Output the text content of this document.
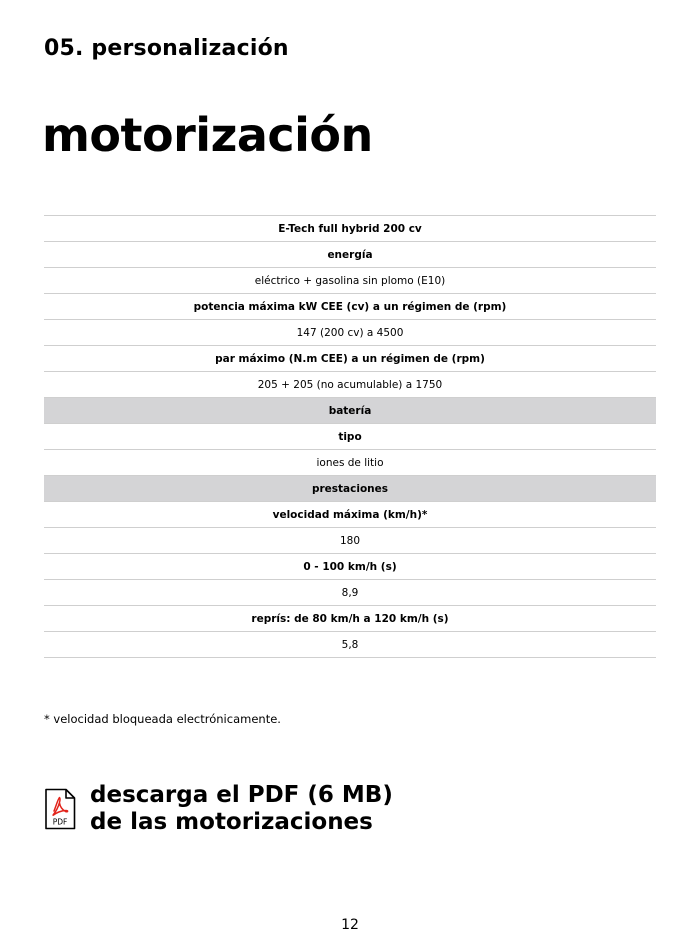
05. personalización
motorización
E-Tech full hybrid 200 cv
energía
eléctrico + gasolina sin plomo (E10)
potencia máxima kW CEE (cv) a un régimen de (rpm)
147 (200 cv) a 4500
par máximo (N.m CEE) a un régimen de (rpm)
205 + 205 (no acumulable) a 1750
batería
tipo
iones de litio
prestaciones
velocidad máxima (km/h)*
180
0 - 100 km/h (s)
8,9
reprís: de 80 km/h a 120 km/h (s)
5,8
* velocidad bloqueada electrónicamente.
PDF
descarga el PDF (6 MB)
de las motorizaciones
12
